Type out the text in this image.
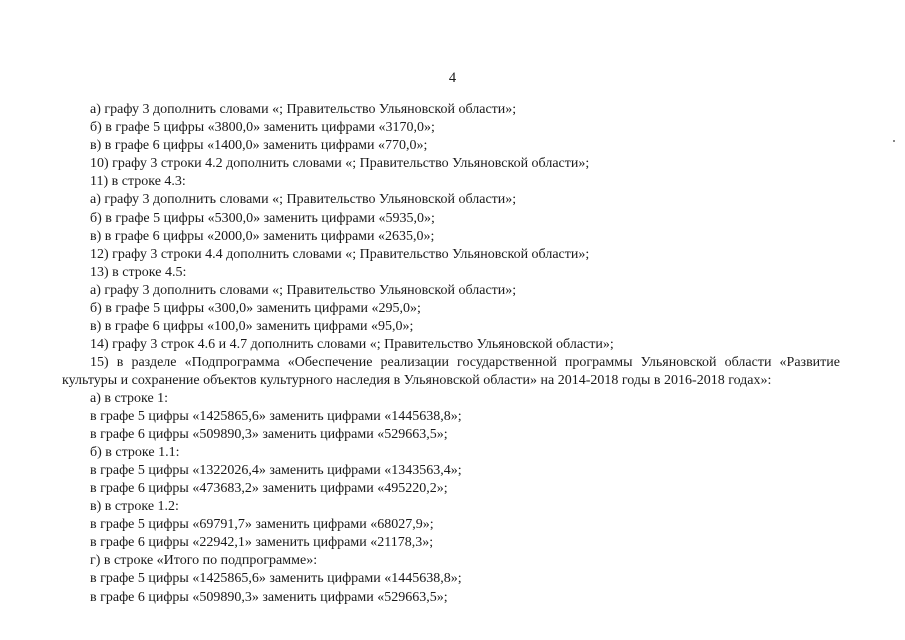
4
а) графу 3 дополнить словами «; Правительство Ульяновской области»;
б) в графе 5 цифры «3800,0» заменить цифрами «3170,0»;
в) в графе 6 цифры «1400,0» заменить цифрами «770,0»;
10) графу 3 строки 4.2 дополнить словами «; Правительство Ульяновской области»;
11) в строке 4.3:
а) графу 3 дополнить словами «; Правительство Ульяновской области»;
б) в графе 5 цифры «5300,0» заменить цифрами «5935,0»;
в) в графе 6 цифры «2000,0» заменить цифрами «2635,0»;
12) графу 3 строки 4.4 дополнить словами «; Правительство Ульяновской области»;
13) в строке 4.5:
а) графу 3 дополнить словами «; Правительство Ульяновской области»;
б) в графе 5 цифры «300,0» заменить цифрами «295,0»;
в) в графе 6 цифры «100,0» заменить цифрами «95,0»;
14) графу 3 строк 4.6 и 4.7 дополнить словами «; Правительство Ульяновской области»;
15) в разделе «Подпрограмма «Обеспечение реализации государственной программы Ульяновской области «Развитие культуры и сохранение объектов культурного наследия в Ульяновской области» на 2014-2018 годы в 2016-2018 годах»:
а) в строке 1:
в графе 5 цифры «1425865,6» заменить цифрами «1445638,8»;
в графе 6 цифры «509890,3» заменить цифрами «529663,5»;
б) в строке 1.1:
в графе 5 цифры «1322026,4» заменить цифрами «1343563,4»;
в графе 6 цифры «473683,2» заменить цифрами «495220,2»;
в) в строке 1.2:
в графе 5 цифры «69791,7» заменить цифрами «68027,9»;
в графе 6 цифры «22942,1» заменить цифрами «21178,3»;
г) в строке «Итого по подпрограмме»:
в графе 5 цифры «1425865,6» заменить цифрами «1445638,8»;
в графе 6 цифры «509890,3» заменить цифрами «529663,5»;
